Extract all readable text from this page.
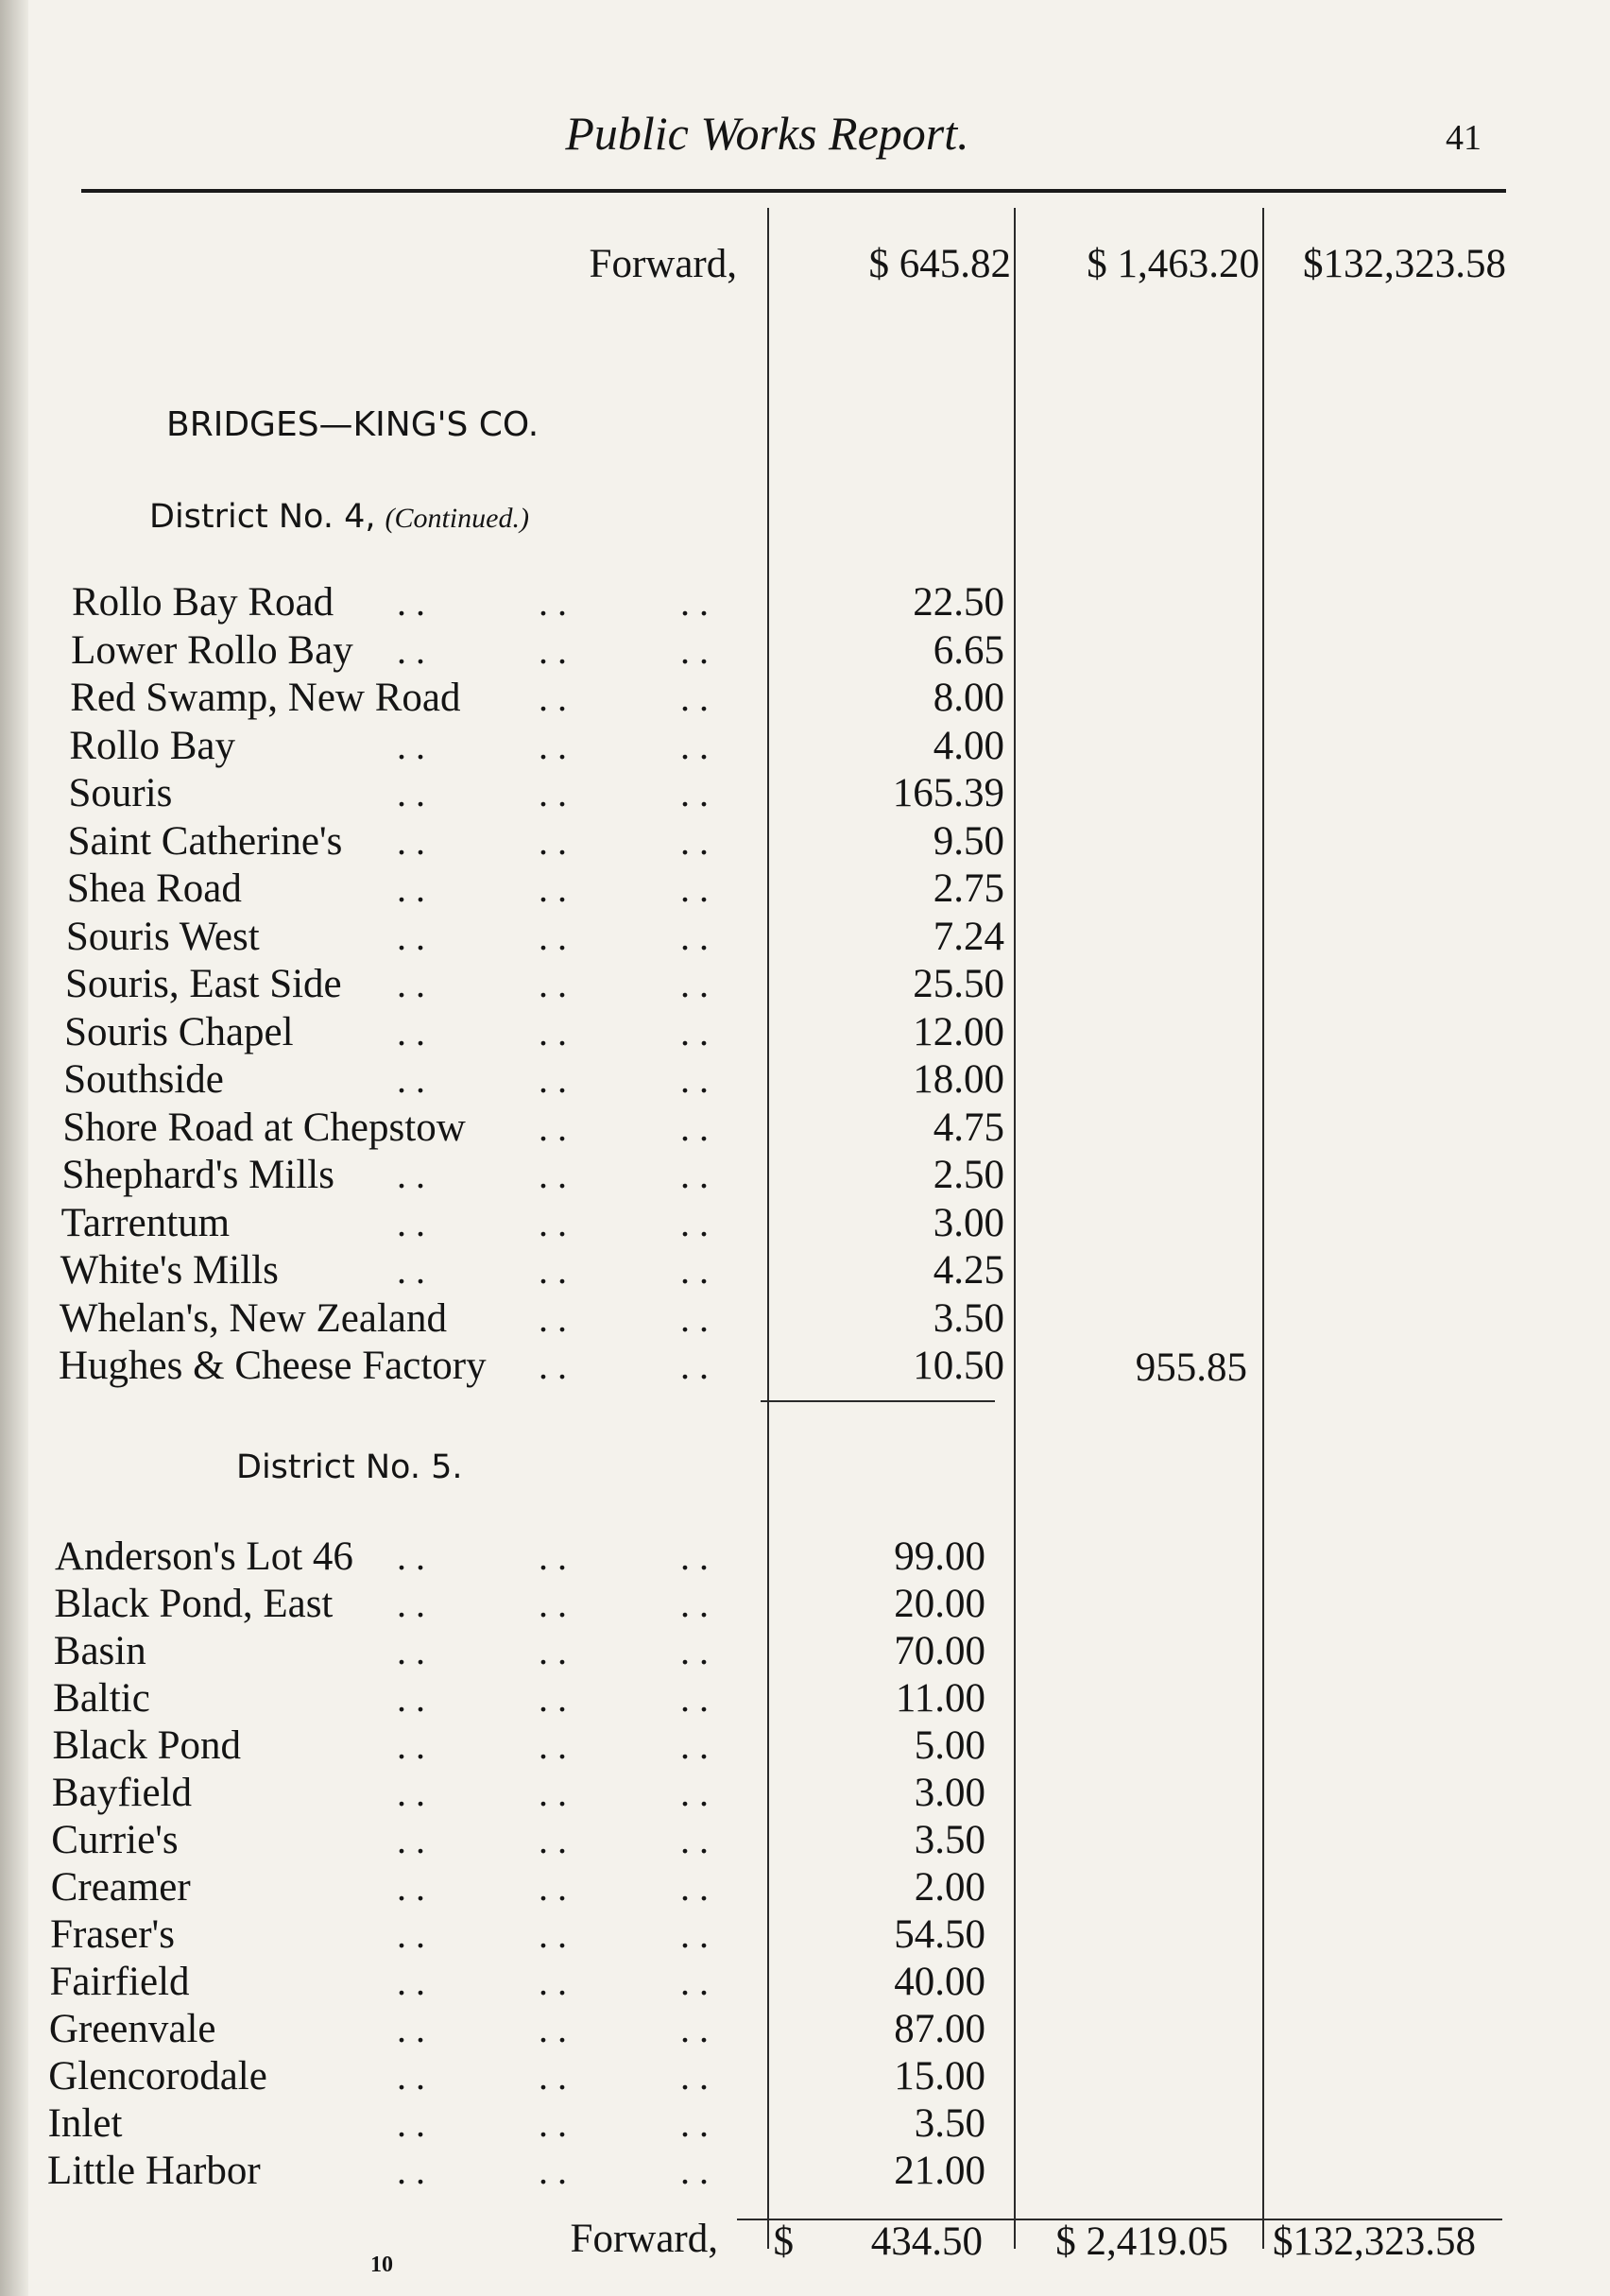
Public Works Report.	41
Forward,	$ 645.82	$ 1,463.20	$132,323.58
BRIDGES—KING'S CO.
District No. 4, (Continued.)
Rollo Bay Road . .	. .	. .	22.50
Lower Rollo Bay . .	. .	. .	6.65
Red Swamp, New Road . .	. .	8.00
Rollo Bay	. .	. .	. .	4.00
Souris	. .	. .	. .	165.39
Saint Catherine's . .	. .	. .	9.50
Shea Road	. .	. .	. .	2.75
Souris West	. .	. .	. .	7.24
Souris, East Side . .	. .	. .	25.50
Souris Chapel	. .	. .	. .	12.00
Southside	. .	. .	. .	18.00
Shore Road at Chepstow . .	. .	4.75
Shephard's Mills . .	. .	. .	2.50
Tarrentum	. .	. .	. .	3.00
White's Mills	. .	. .	. .	4.25
Whelan's, New Zealand . .	. .	3.50
Hughes & Cheese Factory . .	. .	10.50	955.85
District No. 5.
Anderson's Lot 46 . .	. .	. .	99.00
Black Pond, East . .	. .	. .	20.00
Basin	. .	. .	. .	70.00
Baltic	. .	. .	. .	11.00
Black Pond	. .	. .	. .	5.00
Bayfield	. .	. .	. .	3.00
Currie's	. .	. .	. .	3.50
Creamer	. .	. .	. .	2.00
Fraser's	. .	. .	. .	54.50
Fairfield	. .	. .	. .	40.00
Greenvale	. .	. .	. .	87.00
Glencorodale	. .	. .	. .	15.00
Inlet	. .	. .	. .	3.50
Little Harbor	. .	. .	. .	21.00
Forward, $	434.50	$ 2,419.05	$132,323.58
10
